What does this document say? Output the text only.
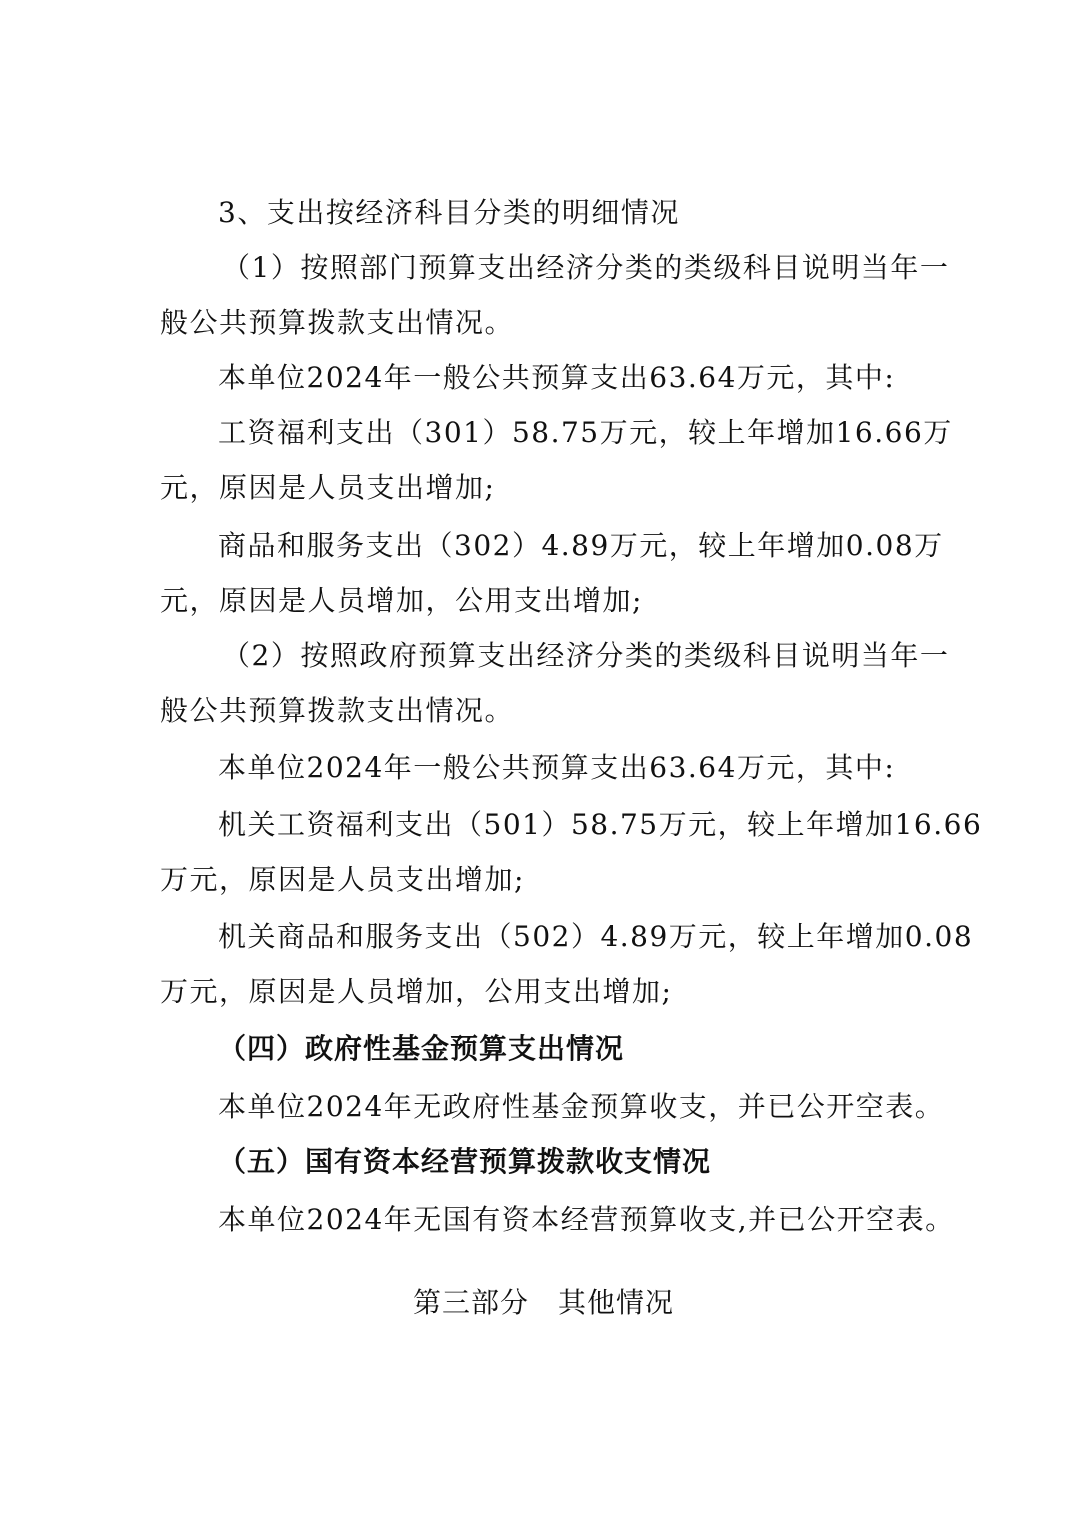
3、支出按经济科目分类的明细情况
（1）按照部门预算支出经济分类的类级科目说明当年一
般公共预算拨款支出情况。
本单位2024年一般公共预算支出63.64万元，其中:
工资福利支出（301）58.75万元，较上年增加16.66万
元，原因是人员支出增加;
商品和服务支出（302）4.89万元，较上年增加0.08万
元，原因是人员增加，公用支出增加;
（2）按照政府预算支出经济分类的类级科目说明当年一
般公共预算拨款支出情况。
本单位2024年一般公共预算支出63.64万元，其中:
机关工资福利支出（501）58.75万元，较上年增加16.66
万元，原因是人员支出增加;
机关商品和服务支出（502）4.89万元，较上年增加0.08
万元，原因是人员增加，公用支出增加;
（四）政府性基金预算支出情况
本单位2024年无政府性基金预算收支，并已公开空表。
（五）国有资本经营预算拨款收支情况
本单位2024年无国有资本经营预算收支,并已公开空表。
第三部分　其他情况
